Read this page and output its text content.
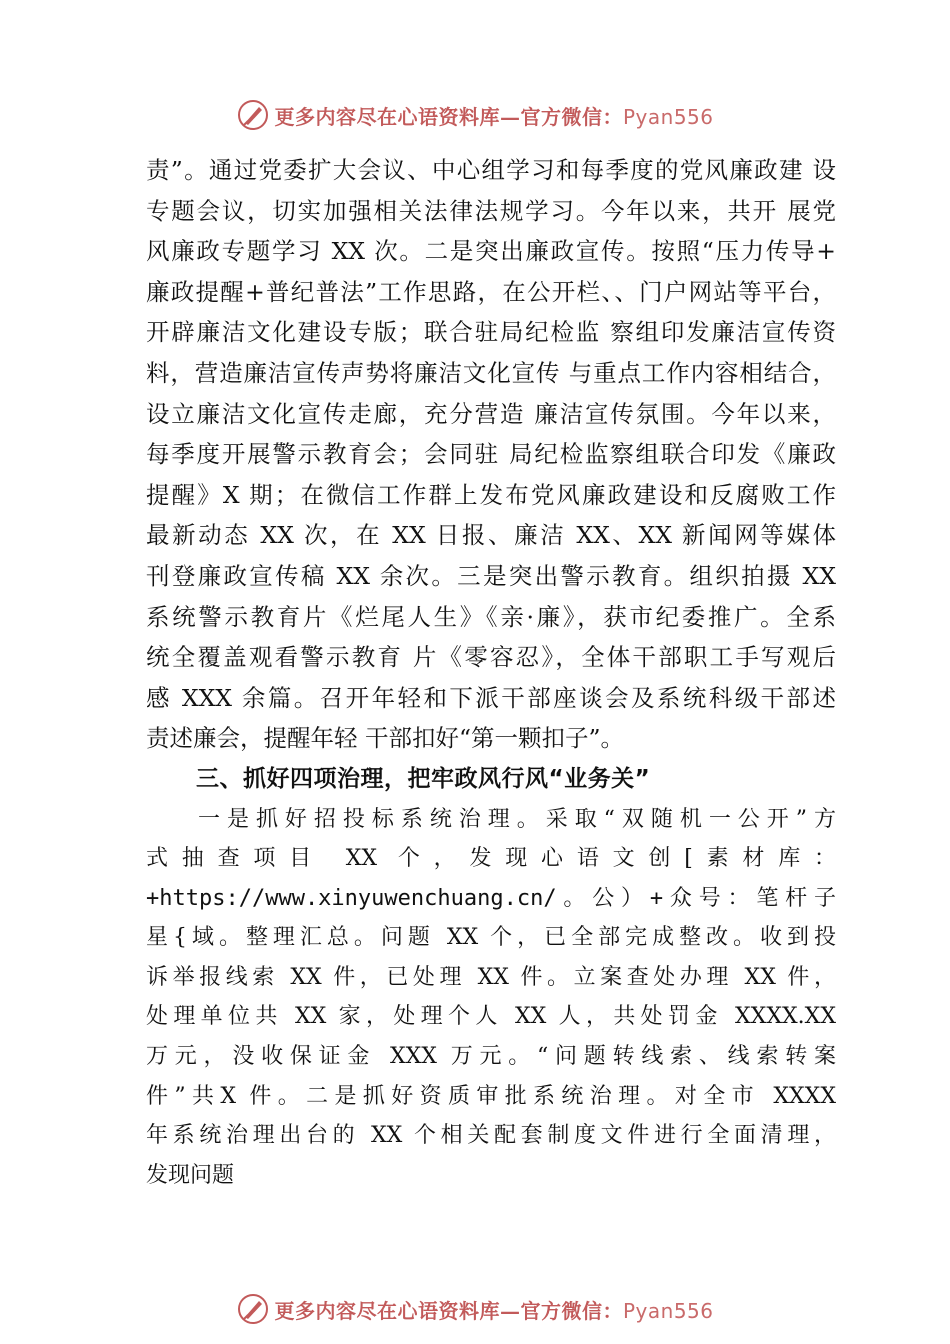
更多内容尽在心语资料库—官方微信：Pyan556
责”。通过党委扩大会议、中心组学习和每季度的党风廉政建 设
专题会议，切实加强相关法律法规学习。今年以来，共开 展党
风廉政专题学习 XX 次。二是突出廉政宣传。按照“压力传导+
廉政提醒+普纪普法”工作思路，在公开栏、、门户网站等平台，
开辟廉洁文化建设专版；联合驻局纪检监 察组印发廉洁宣传资
料，营造廉洁宣传声势将廉洁文化宣传 与重点工作内容相结合，
设立廉洁文化宣传走廊，充分营造 廉洁宣传氛围。今年以来，
每季度开展警示教育会；会同驻 局纪检监察组联合印发《廉政
提醒》X 期；在微信工作群上发布党风廉政建设和反腐败工作
最新动态 XX 次，在 XX 日报、廉洁 XX、XX 新闻网等媒体
刊登廉政宣传稿 XX 余次。三是突出警示教育。组织拍摄 XX
系统警示教育片《烂尾人生》《亲·廉》，获市纪委推广。全系
统全覆盖观看警示教育 片《零容忍》，全体干部职工手写观后
感 XXX 余篇。召开年轻和下派干部座谈会及系统科级干部述
责述廉会，提醒年轻 干部扣好“第一颗扣子”。
三、抓好四项治理，把牢政风行风“业务关”
一是抓好招投标系统治理。采取“双随机一公开”方
式抽查项目 XX 个，发现心语文创[素材库：
+https://www.xinyuwenchuang.cn/。公）+众号：笔杆子
星{域。整理汇总。问题 XX 个，已全部完成整改。收到投
诉举报线索 XX 件，已处理 XX 件。立案查处办理 XX 件，
处理单位共 XX 家，处理个人 XX 人，共处罚金 XXXX.XX
万元，没收保证金 XXX 万元。“问题转线索、线索转案
件”共X 件。二是抓好资质审批系统治理。对全市 XXXX
年系统治理出台的 XX 个相关配套制度文件进行全面清理，
发现问题
更多内容尽在心语资料库—官方微信：Pyan556
